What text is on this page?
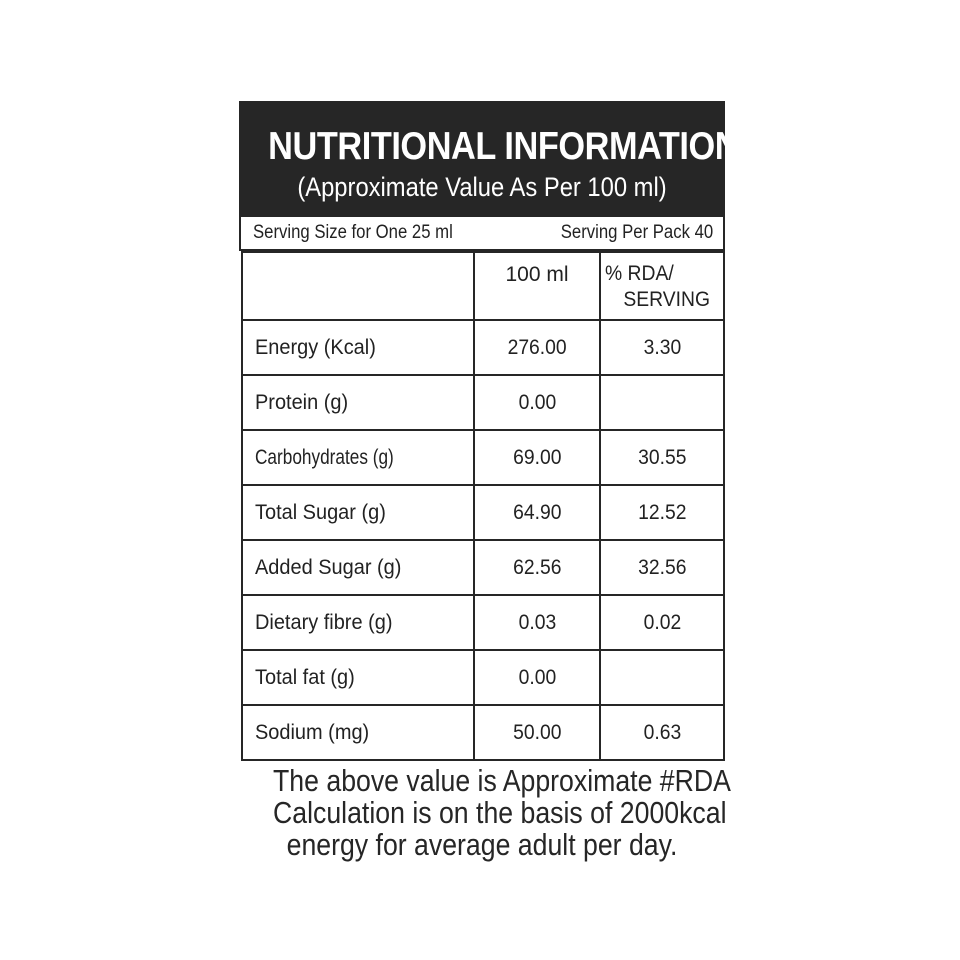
NUTRITIONAL INFORMATION
(Approximate Value As Per 100 ml)
Serving Size for One 25 ml	Serving Per Pack 40
	100 ml	% RDA/
SERVING

Energy (Kcal)	276.00	3.30
Protein (g)	0.00	
Carbohydrates (g)	69.00	30.55
Total Sugar (g)	64.90	12.52
Added Sugar (g)	62.56	32.56
Dietary fibre (g)	0.03	0.02
Total fat (g)	0.00	
Sodium (mg)	50.00	0.63
The above value is Approximate #RDA
Calculation is on the basis of 2000kcal
energy for average adult per day.
